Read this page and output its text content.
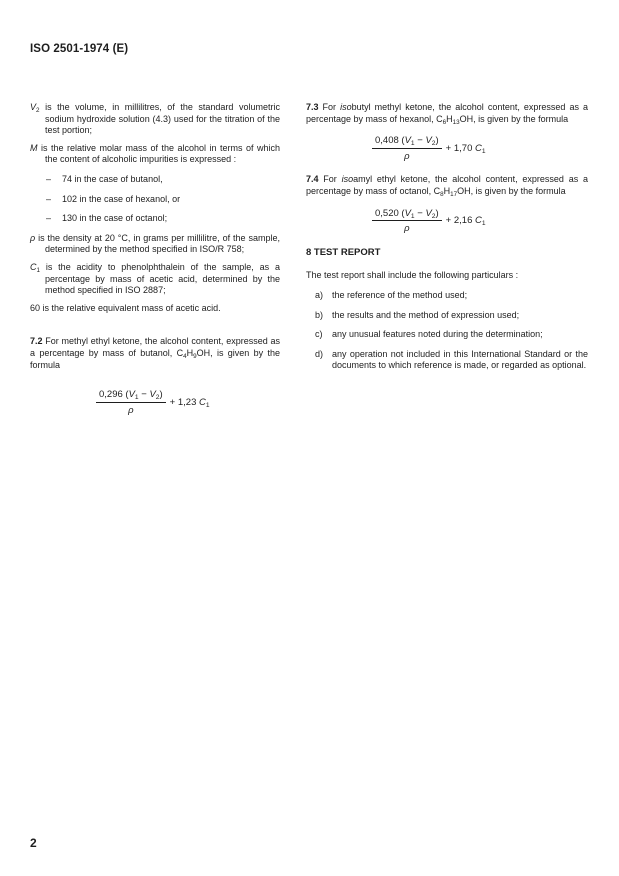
ISO 2501-1974 (E)

$V_2$ is the volume, in millilitres, of the standard volumetric sodium hydroxide solution (4.3) used for the titration of the test portion;

M is the relative molar mass of the alcohol in terms of which the content of alcoholic impurities is expressed :

–	74 in the case of butanol,
–	102 in the case of hexanol, or
–	130 in the case of octanol;

ρ is the density at 20 °C, in grams per millilitre, of the sample, determined by the method specified in ISO/R 758;

$C_1$ is the acidity to phenolphthalein of the sample, as a percentage by mass of acetic acid, determined by the method specified in ISO 2887;

60 is the relative equivalent mass of acetic acid.

7.2 For methyl ethyl ketone, the alcohol content, expressed as a percentage by mass of butanol, $C_4H_9OH$, is given by the formula

$\frac{0,296 (V_1 - V_2)}{\rho} + 1,23$ $C_1$

7.3 For isobutyl methyl ketone, the alcohol content, expressed as a percentage by mass of hexanol, $C_6H_{13}OH$, is given by the formula

$\frac{0,408 (V_1 - V_2)}{\rho} + 1,70$ $C_1$

7.4 For isoamyl ethyl ketone, the alcohol content, expressed as a percentage by mass of octanol, $C_8H_{17}OH$, is given by the formula

$\frac{0,520 (V_1 - V_2)}{\rho} + 2,16$ $C_1$

8 TEST REPORT

The test report shall include the following particulars :

a) the reference of the method used;
b) the results and the method of expression used;
c)	any unusual features noted during the determination;
d) any operation not included in this International Standard or the documents to which reference is made, or regarded as optional.
2
